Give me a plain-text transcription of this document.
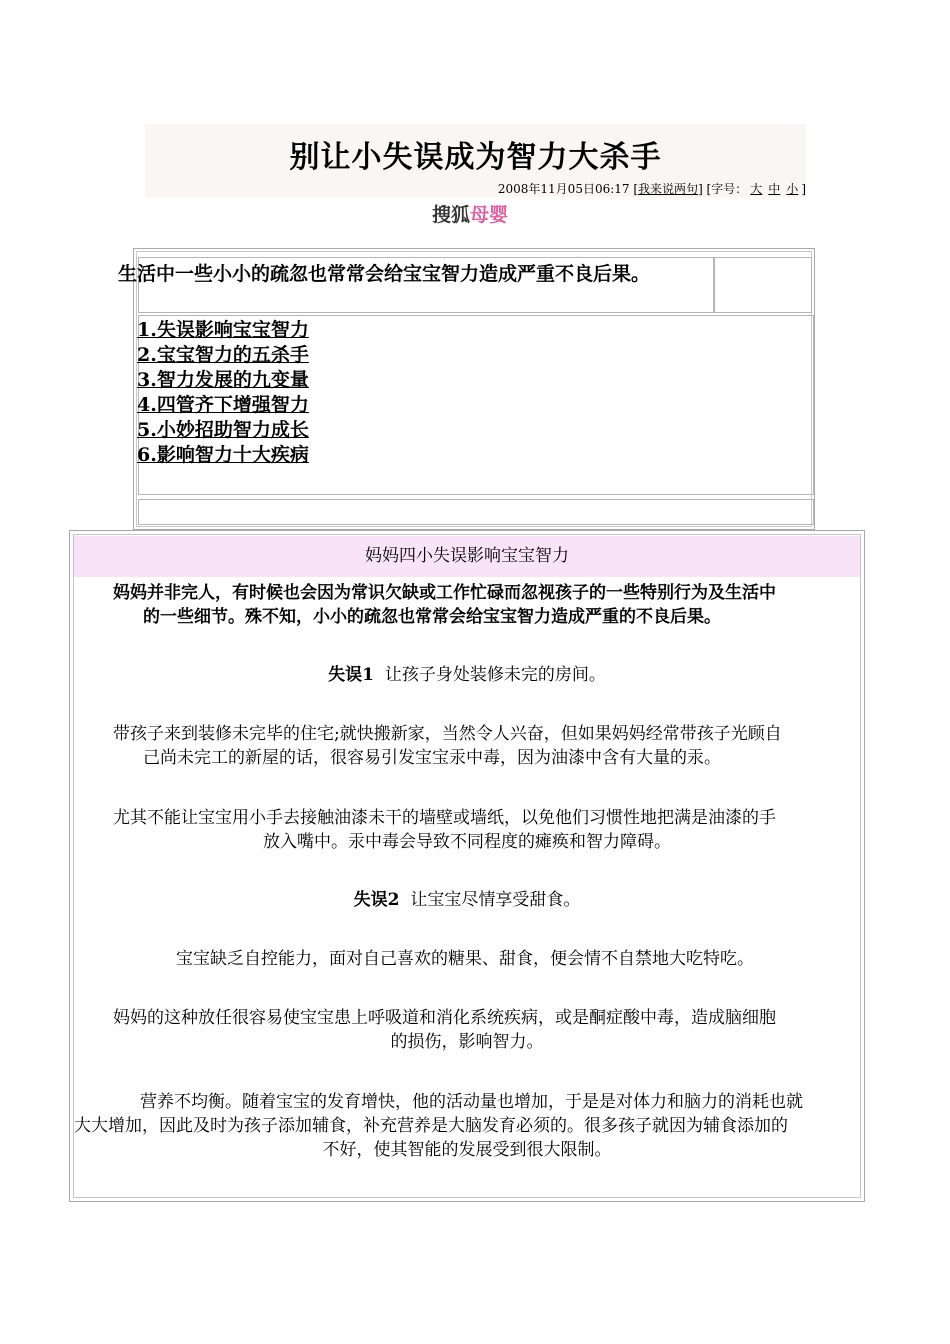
别让小失误成为智力大杀手
2008年11月05日06:17 [我来说两句] [字号： 大 中 小 ]
搜狐 母婴
生活中一些小小的疏忽也常常会给宝宝智力造成严重不良后果。
1.失误影响宝宝智力
2.宝宝智力的五杀手
3.智力发展的九变量
4.四管齐下增强智力
5.小妙招助智力成长
6.影响智力十大疾病
妈妈四小失误影响宝宝智力
妈妈并非完人，有时候也会因为常识欠缺或工作忙碌而忽视孩子的一些特别行为及生活中
的一些细节。殊不知，小小的疏忽也常常会给宝宝智力造成严重的不良后果。
失误1 让孩子身处装修未完的房间。
带孩子来到装修未完毕的住宅;就快搬新家，当然令人兴奋，但如果妈妈经常带孩子光顾自
己尚未完工的新屋的话，很容易引发宝宝汞中毒，因为油漆中含有大量的汞。
尤其不能让宝宝用小手去接触油漆未干的墙壁或墙纸，以免他们习惯性地把满是油漆的手
放入嘴中。汞中毒会导致不同程度的瘫痪和智力障碍。
失误2 让宝宝尽情享受甜食。
宝宝缺乏自控能力，面对自己喜欢的糖果、甜食，便会情不自禁地大吃特吃。
妈妈的这种放任很容易使宝宝患上呼吸道和消化系统疾病，或是酮症酸中毒，造成脑细胞
的损伤，影响智力。
营养不均衡。随着宝宝的发育增快，他的活动量也增加，于是是对体力和脑力的消耗也就
大大增加，因此及时为孩子添加辅食，补充营养是大脑发育必须的。很多孩子就因为辅食添加的
不好，使其智能的发展受到很大限制。
